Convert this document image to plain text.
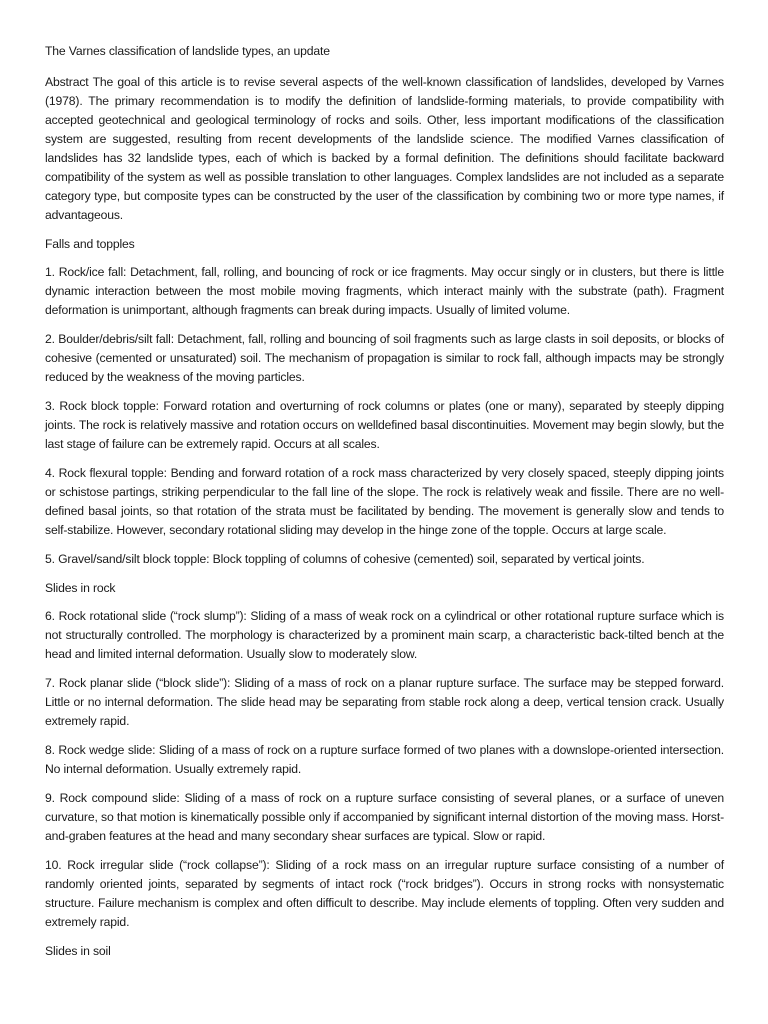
The Varnes classification of landslide types, an update

Abstract The goal of this article is to revise several aspects of the well-known classification of landslides, developed by Varnes (1978). The primary recommendation is to modify the definition of landslide-forming materials, to provide compatibility with accepted geotechnical and geological terminology of rocks and soils. Other, less important modifications of the classification system are suggested, resulting from recent developments of the landslide science. The modified Varnes classification of landslides has 32 landslide types, each of which is backed by a formal definition. The definitions should facilitate backward compatibility of the system as well as possible translation to other languages. Complex landslides are not included as a separate category type, but composite types can be constructed by the user of the classification by combining two or more type names, if advantageous.

Falls and topples

1. Rock/ice fall: Detachment, fall, rolling, and bouncing of rock or ice fragments. May occur singly or in clusters, but there is little dynamic interaction between the most mobile moving fragments, which interact mainly with the substrate (path). Fragment deformation is unimportant, although fragments can break during impacts. Usually of limited volume.

2. Boulder/debris/silt fall: Detachment, fall, rolling and bouncing of soil fragments such as large clasts in soil deposits, or blocks of cohesive (cemented or unsaturated) soil. The mechanism of propagation is similar to rock fall, although impacts may be strongly reduced by the weakness of the moving particles.

3. Rock block topple: Forward rotation and overturning of rock columns or plates (one or many), separated by steeply dipping joints. The rock is relatively massive and rotation occurs on welldefined basal discontinuities. Movement may begin slowly, but the last stage of failure can be extremely rapid. Occurs at all scales.

4. Rock flexural topple: Bending and forward rotation of a rock mass characterized by very closely spaced, steeply dipping joints or schistose partings, striking perpendicular to the fall line of the slope. The rock is relatively weak and fissile. There are no well-defined basal joints, so that rotation of the strata must be facilitated by bending. The movement is generally slow and tends to self-stabilize. However, secondary rotational sliding may develop in the hinge zone of the topple. Occurs at large scale.

5. Gravel/sand/silt block topple: Block toppling of columns of cohesive (cemented) soil, separated by vertical joints.

Slides in rock

6. Rock rotational slide (“rock slump”): Sliding of a mass of weak rock on a cylindrical or other rotational rupture surface which is not structurally controlled. The morphology is characterized by a prominent main scarp, a characteristic back-tilted bench at the head and limited internal deformation. Usually slow to moderately slow.

7. Rock planar slide (“block slide”): Sliding of a mass of rock on a planar rupture surface. The surface may be stepped forward. Little or no internal deformation. The slide head may be separating from stable rock along a deep, vertical tension crack. Usually extremely rapid.

8. Rock wedge slide: Sliding of a mass of rock on a rupture surface formed of two planes with a downslope-oriented intersection. No internal deformation. Usually extremely rapid.

9. Rock compound slide: Sliding of a mass of rock on a rupture surface consisting of several planes, or a surface of uneven curvature, so that motion is kinematically possible only if accompanied by significant internal distortion of the moving mass. Horst-and-graben features at the head and many secondary shear surfaces are typical. Slow or rapid.

10. Rock irregular slide (“rock collapse”): Sliding of a rock mass on an irregular rupture surface consisting of a number of randomly oriented joints, separated by segments of intact rock (“rock bridges”). Occurs in strong rocks with nonsystematic structure. Failure mechanism is complex and often difficult to describe. May include elements of toppling. Often very sudden and extremely rapid.

Slides in soil
